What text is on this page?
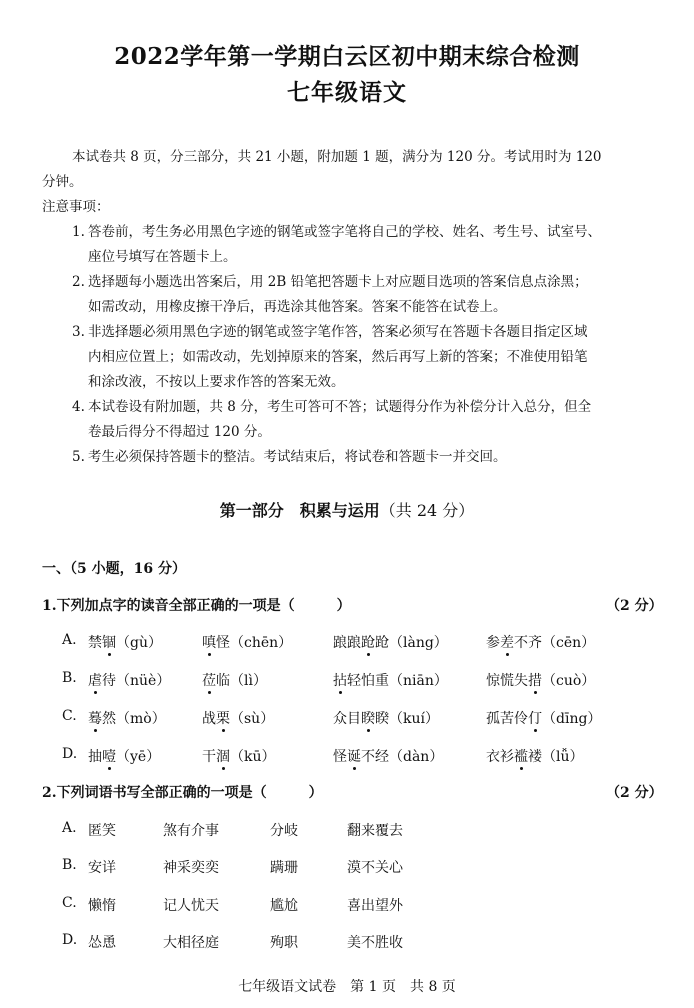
2022学年第一学期白云区初中期末综合检测
七年级语文
本试卷共 8 页，分三部分，共 21 小题，附加题 1 题，满分为 120 分。考试用时为 120
分钟。
注意事项：
1. 答卷前，考生务必用黑色字迹的钢笔或签字笔将自己的学校、姓名、考生号、试室号、
座位号填写在答题卡上。
2. 选择题每小题选出答案后，用 2B 铅笔把答题卡上对应题目选项的答案信息点涂黑；
如需改动，用橡皮擦干净后，再选涂其他答案。答案不能答在试卷上。
3. 非选择题必须用黑色字迹的钢笔或签字笔作答，答案必须写在答题卡各题目指定区域
内相应位置上；如需改动，先划掉原来的答案，然后再写上新的答案；不准使用铅笔
和涂改液，不按以上要求作答的答案无效。
4. 本试卷设有附加题，共 8 分，考生可答可不答；试题得分作为补偿分计入总分，但全
卷最后得分不得超过 120 分。
5. 考生必须保持答题卡的整洁。考试结束后，将试卷和答题卡一并交回。
第一部分　积累与运用（共 24 分）
一、（5 小题，16 分）
1.下列加点字的读音全部正确的一项是（　　　）	（2 分）
A. 禁锢（gù）	嗔怪（chēn）	踉踉跄跄（làng）	参差不齐（cēn）
B. 虐待（nüè） 莅临（lì）	拈轻怕重（niān）	惊慌失措（cuò）
C. 蓦然（mò）	战栗（sù）	众目睽睽（kuí）	孤苦伶仃（dīng）
D. 抽噎（yē）	干涸（kū）	怪诞不经（dàn）	衣衫褴褛（lǚ）
2.下列词语书写全部正确的一项是（　　　）	（2 分）
A. 匿笑	煞有介事	分岐	翻来覆去
B. 安详	神采奕奕	蹒珊	漠不关心
C. 懒惰	记人忧天	尴尬	喜出望外
D. 怂恿	大相径庭	殉职	美不胜收
七年级语文试卷　第 1 页　共 8 页
